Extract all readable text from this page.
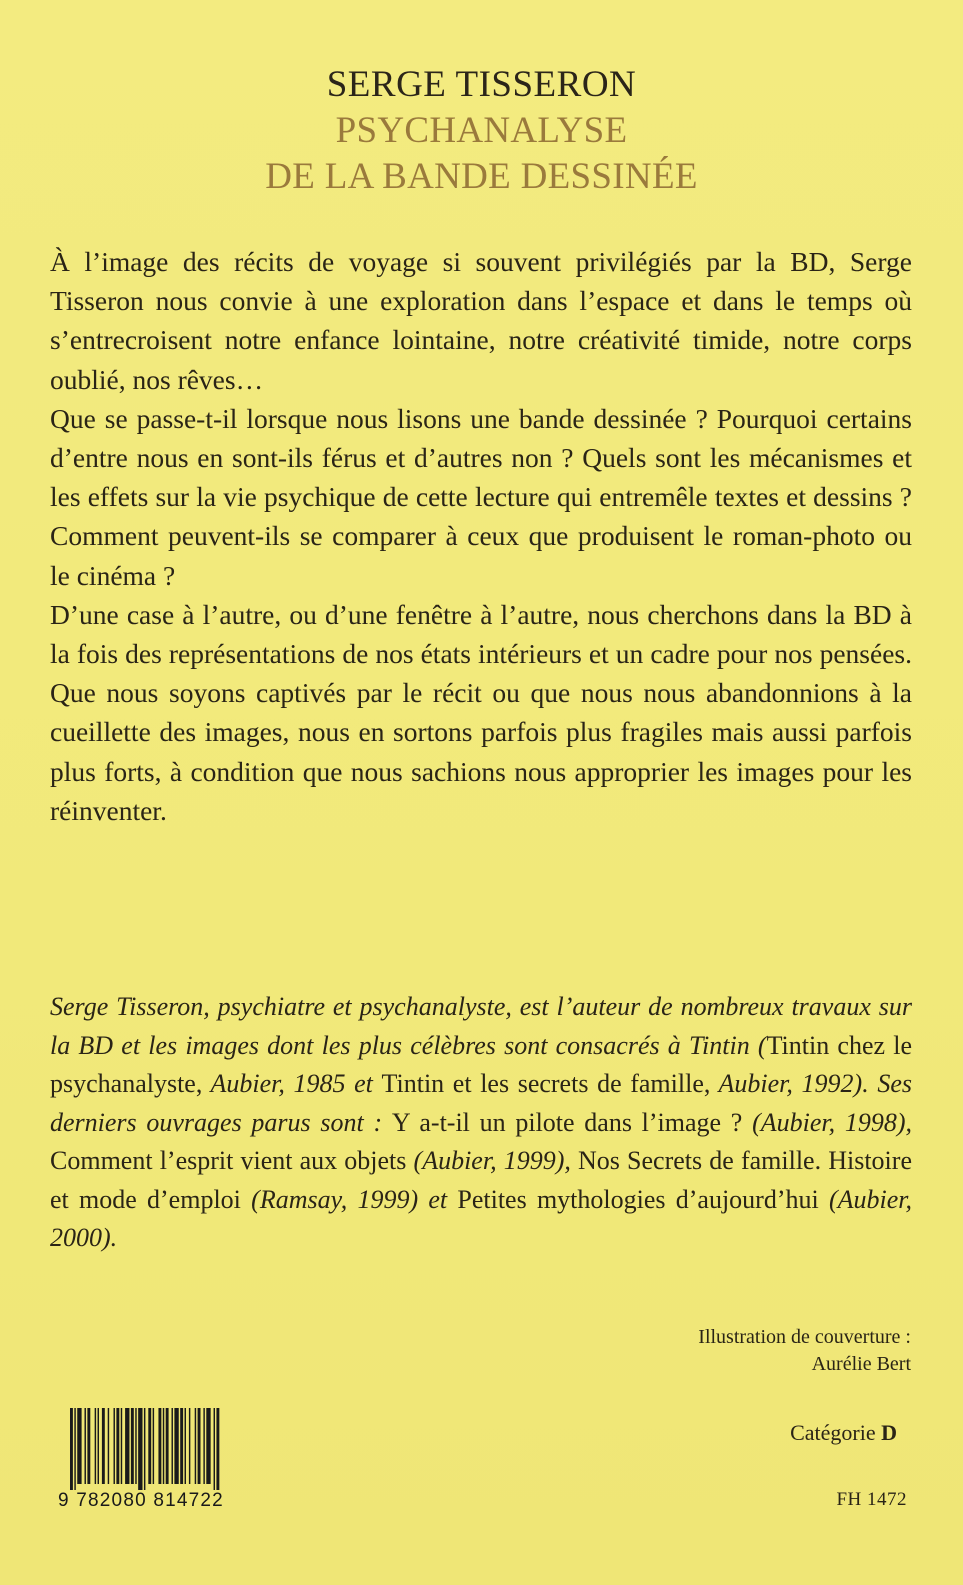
SERGE TISSERON
PSYCHANALYSE
DE LA BANDE DESSINÉE

À l’image des récits de voyage si souvent privilégiés par la BD, Serge Tisseron nous convie à une exploration dans l’espace et dans le temps où s’entrecroisent notre enfance lointaine, notre créativité timide, notre corps oublié, nos rêves…

Que se passe-t-il lorsque nous lisons une bande dessinée ? Pourquoi certains d’entre nous en sont-ils férus et d’autres non ? Quels sont les mécanismes et les effets sur la vie psychique de cette lecture qui entremêle textes et dessins ? Comment peuvent-ils se comparer à ceux que produisent le roman-photo ou le cinéma ?

D’une case à l’autre, ou d’une fenêtre à l’autre, nous cherchons dans la BD à la fois des représentations de nos états intérieurs et un cadre pour nos pensées. Que nous soyons captivés par le récit ou que nous nous abandonnions à la cueillette des images, nous en sortons parfois plus fragiles mais aussi parfois plus forts, à condition que nous sachions nous approprier les images pour les réinventer.

Serge Tisseron, psychiatre et psychanalyste, est l’auteur de nombreux travaux sur la BD et les images dont les plus célèbres sont consacrés à Tintin (Tintin chez le psychanalyste, Aubier, 1985 et Tintin et les secrets de famille, Aubier, 1992). Ses derniers ouvrages parus sont : Y a-t-il un pilote dans l’image ? (Aubier, 1998), Comment l’esprit vient aux objets (Aubier, 1999), Nos Secrets de famille. Histoire et mode d’emploi (Ramsay, 1999) et Petites mythologies d’aujourd’hui (Aubier, 2000).

Illustration de couverture :
Aurélie Bert
9 782080 814722
Catégorie D
FH 1472
